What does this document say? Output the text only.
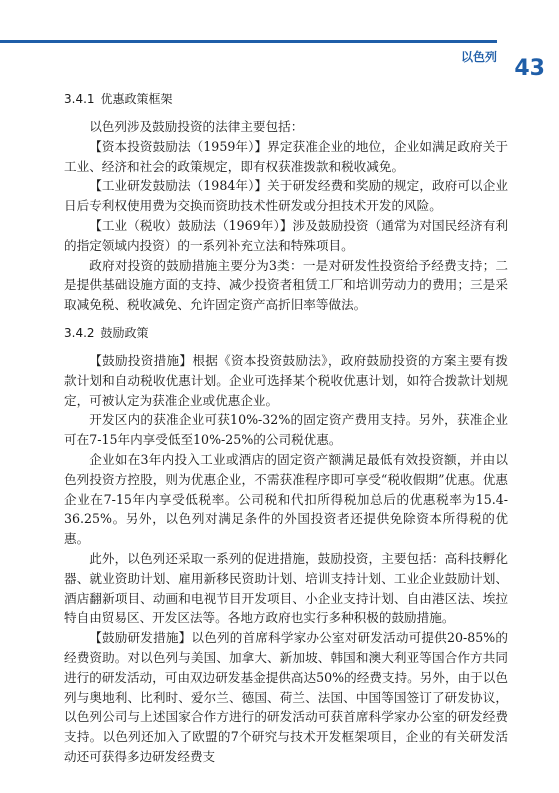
以色列 43
3.4.1 优惠政策框架

以色列涉及鼓励投资的法律主要包括：

【资本投资鼓励法（1959年）】界定获准企业的地位，企业如满足政府关于工业、经济和社会的政策规定，即有权获准拨款和税收减免。

【工业研发鼓励法（1984年）】关于研发经费和奖励的规定，政府可以企业日后专利权使用费为交换而资助技术性研发或分担技术开发的风险。

【工业（税收）鼓励法（1969年）】涉及鼓励投资（通常为对国民经济有利的指定领域内投资）的一系列补充立法和特殊项目。

政府对投资的鼓励措施主要分为3类：一是对研发性投资给予经费支持；二是提供基础设施方面的支持、减少投资者租赁工厂和培训劳动力的费用；三是采取减免税、税收减免、允许固定资产高折旧率等做法。

3.4.2 鼓励政策

【鼓励投资措施】根据《资本投资鼓励法》，政府鼓励投资的方案主要有拨款计划和自动税收优惠计划。企业可选择某个税收优惠计划，如符合拨款计划规定，可被认定为获准企业或优惠企业。

开发区内的获准企业可获10%-32%的固定资产费用支持。另外，获准企业可在7-15年内享受低至10%-25%的公司税优惠。

企业如在3年内投入工业或酒店的固定资产额满足最低有效投资额，并由以色列投资方控股，则为优惠企业，不需获准程序即可享受“税收假期”优惠。优惠企业在7-15年内享受低税率。公司税和代扣所得税加总后的优惠税率为15.4-36.25%。另外，以色列对满足条件的外国投资者还提供免除资本所得税的优惠。

此外，以色列还采取一系列的促进措施，鼓励投资，主要包括：高科技孵化器、就业资助计划、雇用新移民资助计划、培训支持计划、工业企业鼓励计划、酒店翻新项目、动画和电视节目开发项目、小企业支持计划、自由港区法、埃拉特自由贸易区、开发区法等。各地方政府也实行多种积极的鼓励措施。

【鼓励研发措施】以色列的首席科学家办公室对研发活动可提供20-85%的经费资助。对以色列与美国、加拿大、新加坡、韩国和澳大利亚等国合作方共同进行的研发活动，可由双边研发基金提供高达50%的经费支持。另外，由于以色列与奥地利、比利时、爱尔兰、德国、荷兰、法国、中国等国签订了研发协议，以色列公司与上述国家合作方进行的研发活动可获首席科学家办公室的研发经费支持。以色列还加入了欧盟的7个研究与技术开发框架项目，企业的有关研发活动还可获得多边研发经费支
